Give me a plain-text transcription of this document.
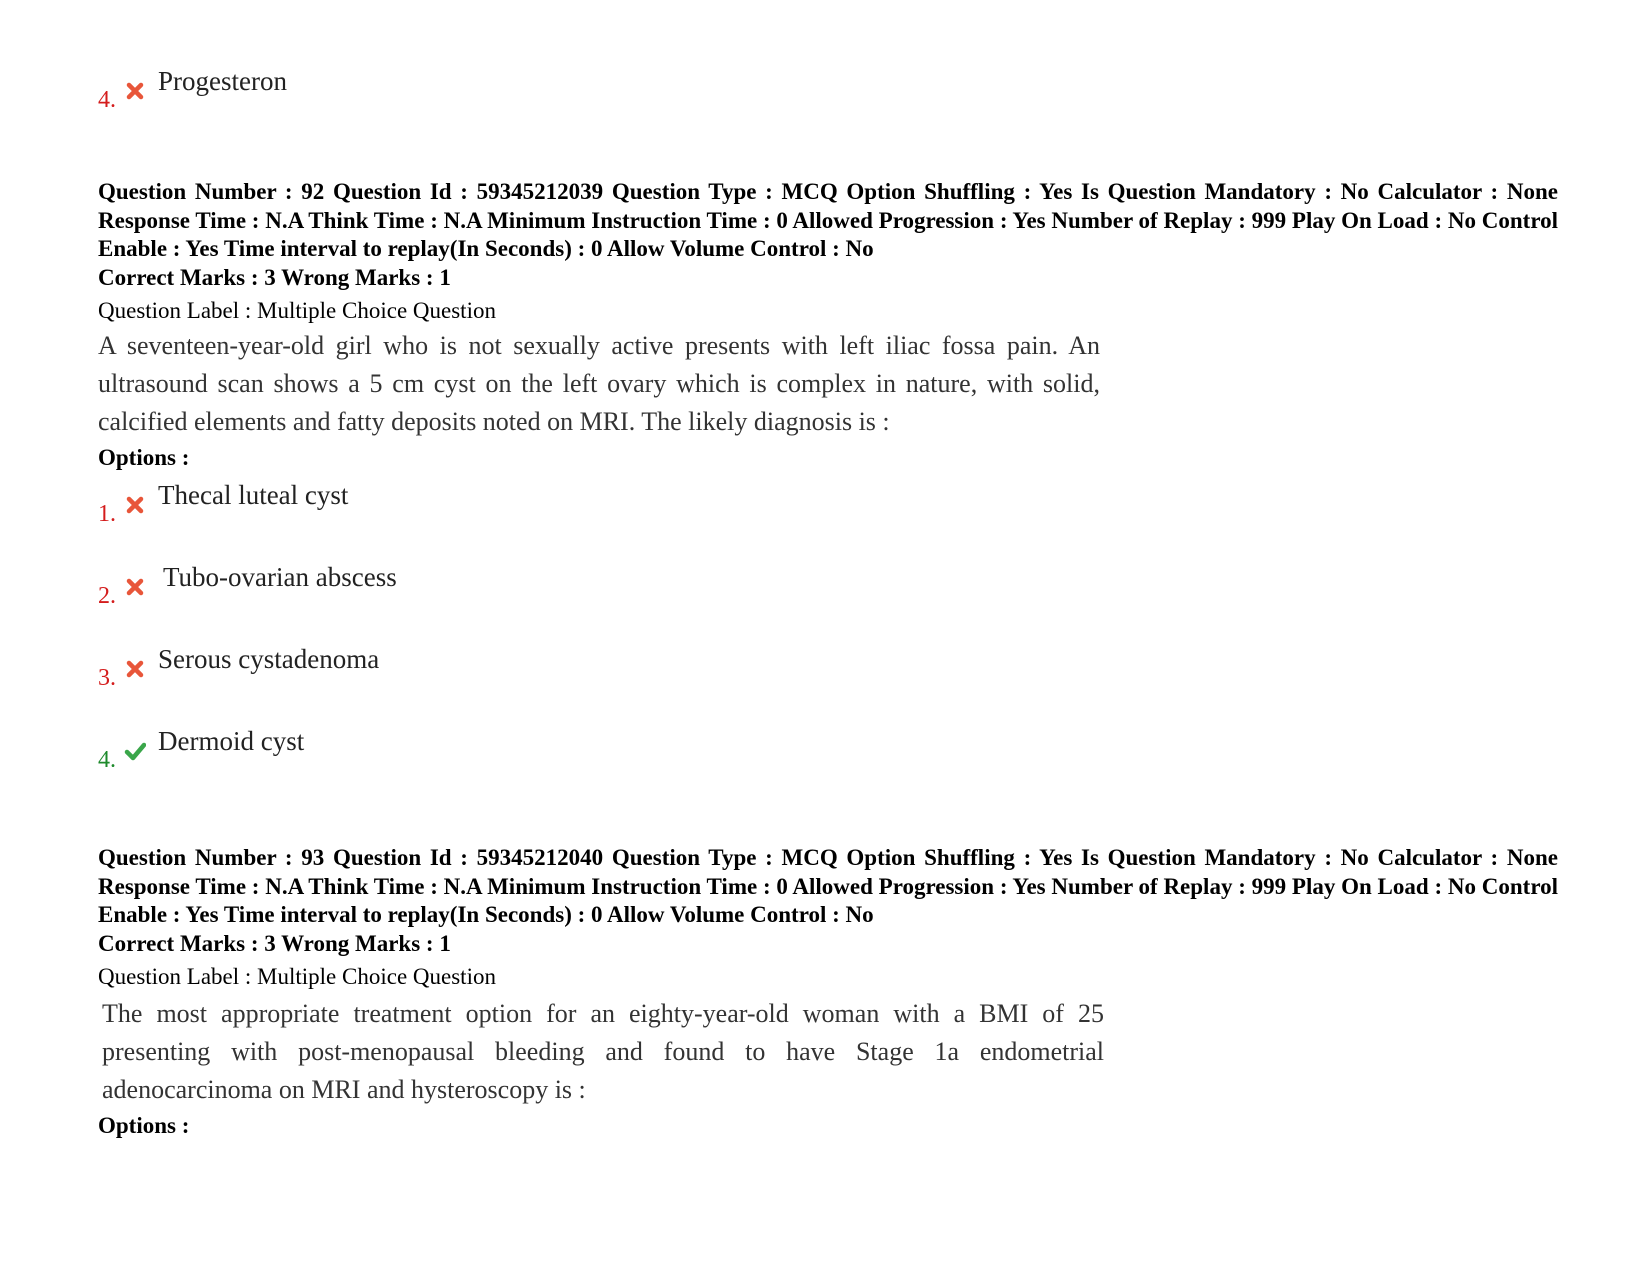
4.
Progesteron
Question Number : 92 Question Id : 59345212039 Question Type : MCQ Option Shuffling : Yes Is Question Mandatory : No Calculator : None Response Time : N.A Think Time : N.A Minimum Instruction Time : 0 Allowed Progression : Yes Number of Replay : 999 Play On Load : No Control Enable : Yes Time interval to replay(In Seconds) : 0 Allow Volume Control : No
Correct Marks : 3 Wrong Marks : 1
Question Label : Multiple Choice Question
A seventeen-year-old girl who is not sexually active presents with left iliac fossa pain. An ultrasound scan shows a 5 cm cyst on the left ovary which is complex in nature, with solid, calcified elements and fatty deposits noted on MRI. The likely diagnosis is :
Options :
1.
Thecal luteal cyst
2.
Tubo-ovarian abscess
3.
Serous cystadenoma
4.
Dermoid cyst
Question Number : 93 Question Id : 59345212040 Question Type : MCQ Option Shuffling : Yes Is Question Mandatory : No Calculator : None Response Time : N.A Think Time : N.A Minimum Instruction Time : 0 Allowed Progression : Yes Number of Replay : 999 Play On Load : No Control Enable : Yes Time interval to replay(In Seconds) : 0 Allow Volume Control : No
Correct Marks : 3 Wrong Marks : 1
Question Label : Multiple Choice Question
The most appropriate treatment option for an eighty-year-old woman with a BMI of 25 presenting with post-menopausal bleeding and found to have Stage 1a endometrial adenocarcinoma on MRI and hysteroscopy is :
Options :
